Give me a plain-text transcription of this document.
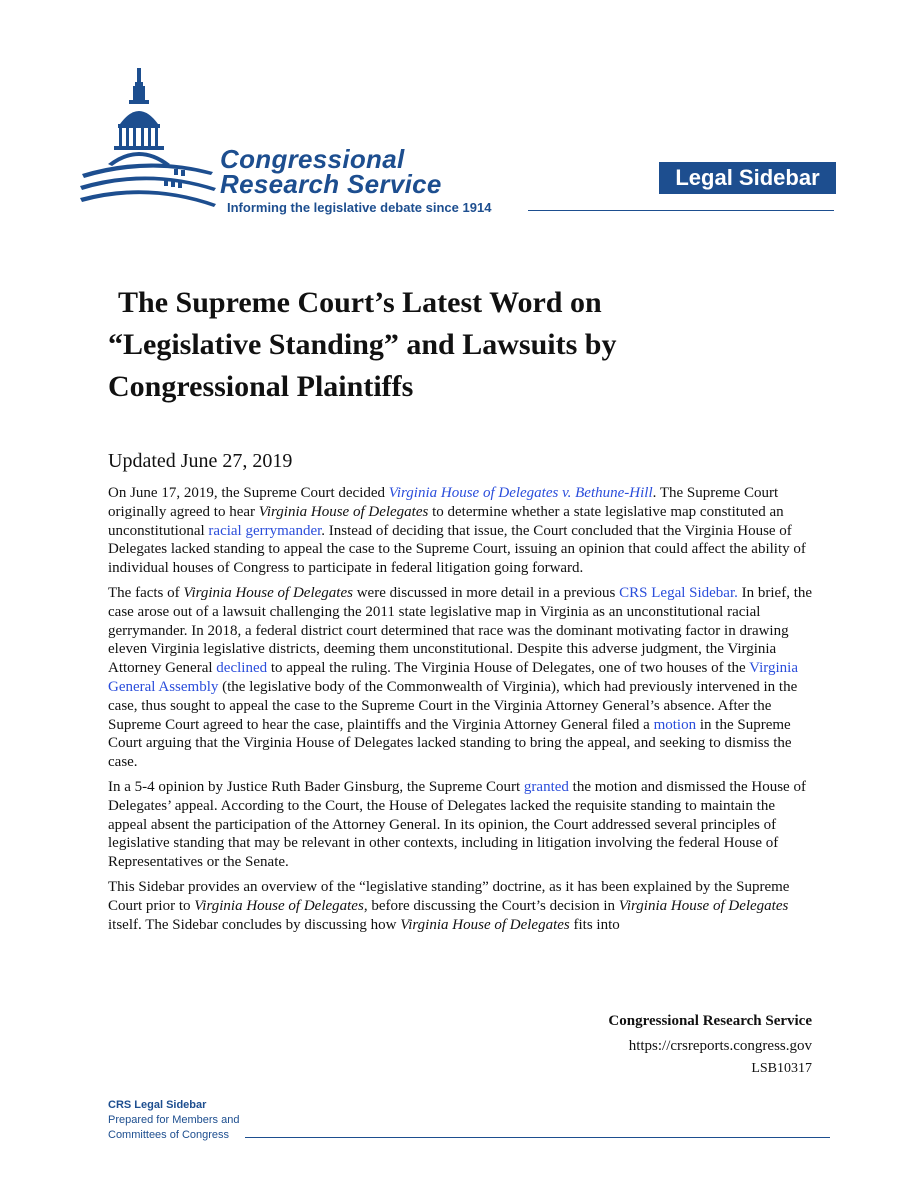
Congressional
Research Service
Informing the legislative debate since 1914
Legal Sidebar
The Supreme Court’s Latest Word on
“Legislative Standing” and Lawsuits by
Congressional Plaintiffs
Updated June 27, 2019

On June 17, 2019, the Supreme Court decided Virginia House of Delegates v. Bethune-Hill. The Supreme Court originally agreed to hear Virginia House of Delegates to determine whether a state legislative map constituted an unconstitutional racial gerrymander. Instead of deciding that issue, the Court concluded that the Virginia House of Delegates lacked standing to appeal the case to the Supreme Court, issuing an opinion that could affect the ability of individual houses of Congress to participate in federal litigation going forward.

The facts of Virginia House of Delegates were discussed in more detail in a previous CRS Legal Sidebar. In brief, the case arose out of a lawsuit challenging the 2011 state legislative map in Virginia as an unconstitutional racial gerrymander. In 2018, a federal district court determined that race was the dominant motivating factor in drawing eleven Virginia legislative districts, deeming them unconstitutional. Despite this adverse judgment, the Virginia Attorney General declined to appeal the ruling. The Virginia House of Delegates, one of two houses of the Virginia General Assembly (the legislative body of the Commonwealth of Virginia), which had previously intervened in the case, thus sought to appeal the case to the Supreme Court in the Virginia Attorney General’s absence. After the Supreme Court agreed to hear the case, plaintiffs and the Virginia Attorney General filed a motion in the Supreme Court arguing that the Virginia House of Delegates lacked standing to bring the appeal, and seeking to dismiss the case.

In a 5-4 opinion by Justice Ruth Bader Ginsburg, the Supreme Court granted the motion and dismissed the House of Delegates’ appeal. According to the Court, the House of Delegates lacked the requisite standing to maintain the appeal absent the participation of the Attorney General. In its opinion, the Court addressed several principles of legislative standing that may be relevant in other contexts, including in litigation involving the federal House of Representatives or the Senate.

This Sidebar provides an overview of the “legislative standing” doctrine, as it has been explained by the Supreme Court prior to Virginia House of Delegates, before discussing the Court’s decision in Virginia House of Delegates itself. The Sidebar concludes by discussing how Virginia House of Delegates fits into

Congressional Research Service
https://crsreports.congress.gov
LSB10317
CRS Legal Sidebar
Prepared for Members and
Committees of Congress
